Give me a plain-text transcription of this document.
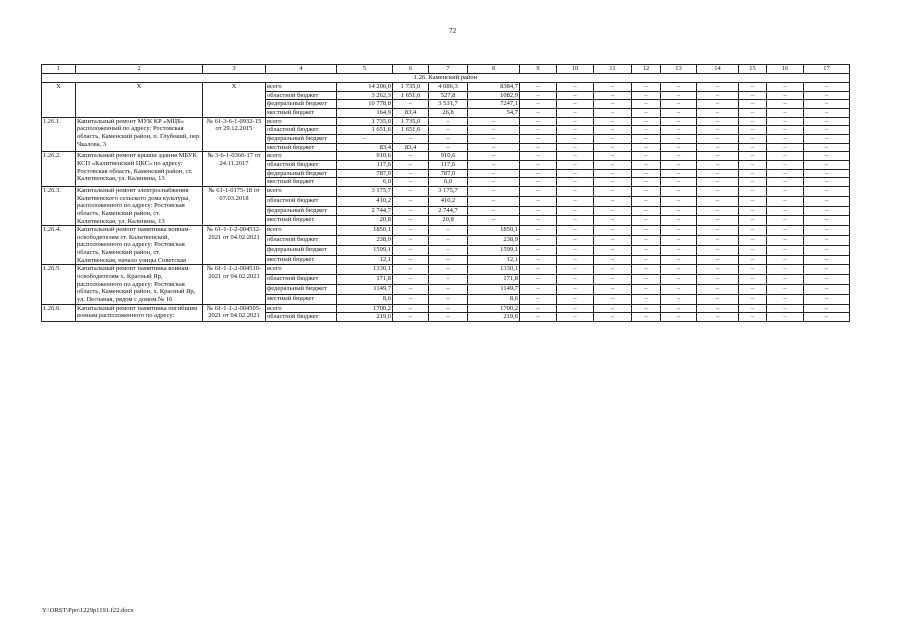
72
1	2	3	4	5	6	7	8	9	10	11	12	13	14	15	16	17
1.26. Каменский район																
Х	Х	Х	всего	14 206,0	1 735,0	4 086,3	8384,7	–	–	–	–	–	–	–	–	–
			областной бюджет	3 262,3	1 651,6	527,8	1082,9	–	–	–	–	–	–	–	–	–
			федеральный бюджет	10 778,8	–	3 531,7	7247,1	–	–	–	–	–	–	–	–	–
			местный бюджет	164,9	83,4	26,8	54,7	–	–	–	–	–	–	–	–	–
1.26.1.	Капитальный ремонт МУК КР «МЦБ» расположенный по адресу: Ростовская область, Каменский район, п. Глубокий, пер. Чкалова, 3	№ 61-3-6-1-0932-15 от 29.12.2015	всего	1 735,0	1 735,0	–	–	–	–	–	–	–	–	–	–	–
			областной бюджет	1 651,6	1 651,6	–	–	–	–	–	–	–	–	–	–	–
			федеральный бюджет	–	–	–	–	–	–	–	–	–	–	–	–	–
			местный бюджет	83,4	83,4	–	–	–	–	–	–	–	–	–	–	–
1.26.2.	Капитальный ремонт крыши здания МБУК КСП «Калитвенский ЦКС» по адресу: Ростовская область, Каменский район, ст. Калитвенская, ул. Калинина, 13	№ 3-6-1-0366-17 от 24.11.2017	всего	910,6	–	910,6	–	–	–	–	–	–	–	–	–	–
			областной бюджет	117,6	–	117,6	–	–	–	–	–	–	–	–	–	–
			федеральный бюджет	787,0	–	787,0	–	–	–	–	–	–	–	–	–	–
			местный бюджет	6,0	–	6,0	–	–	–	–	–	–	–	–	–	–
1.26.3.	Капитальный ремонт электроснабжения Калитвенского сельского дома культуры, расположенного по адресу: Ростовская область, Каменский район, ст. Калитвенская, ул. Калинина, 13	№ 61-1-0175-18 от 07.03.2018	всего	3 175,7	–	3 175,7	–	–	–	–	–	–	–	–	–	–
			областной бюджет	410,2	–	410,2	–	–	–	–	–	–	–	–	–	–
			федеральный бюджет	2 744,7	–	2 744,7	–	–	–	–	–	–	–	–	–	–
			местный бюджет	20,8	–	20,8	–	–	–	–	–	–	–	–	–	–
1.26.4.	Капитальный ремонт памятника воинам-освободителям ст. Калитвенской, расположенного по адресу: Ростовская область, Каменский район, ст. Калитвенская, начало улицы Советская	№ 61-1-1-2-004512-2021 от 04.02.2021	всего	1850,1	–	–	1850,1	–	–	–	–	–	–	–	–	–
			областной бюджет	238,9	–	–	238,9	–	–	–	–	–	–	–	–	–
			федеральный бюджет	1599,1	–	–	1599,1	–	–	–	–	–	–	–	–	–
			местный бюджет	12,1	–	–	12,1	–	–	–	–	–	–	–	–	–
1.26.5.	Капитальный ремонт памятника воинам-освободителям х. Красный Яр, расположенного по адресу: Ростовская область, Каменский район, х. Красный Яр, ул. Песчаная, рядом с домом № 16	№ 61-1-1-2-004510-2021 от 04.02.2021	всего	1330,1	–	–	1330,1	–	–	–	–	–	–	–	–	–
			областной бюджет	171,8	–	–	171,8	–	–	–	–	–	–	–	–	–
			федеральный бюджет	1149,7	–	–	1149,7	–	–	–	–	–	–	–	–	–
			местный бюджет	8,6	–	–	8,6	–	–	–	–	–	–	–	–	–
1.26.6.	Капитальный ремонт памятника погибшим воинам расположенного по адресу:	№ 61-1-1-2-004505-2021 от 04.02.2021	всего	1700,2	–	–	1700,2	–	–	–	–	–	–	–	–	–
			областной бюджет	219,6	–	–	219,6	–	–	–	–	–	–	–	–	–
Y:\ORST\Ppo\1229p1191.f22.docx
